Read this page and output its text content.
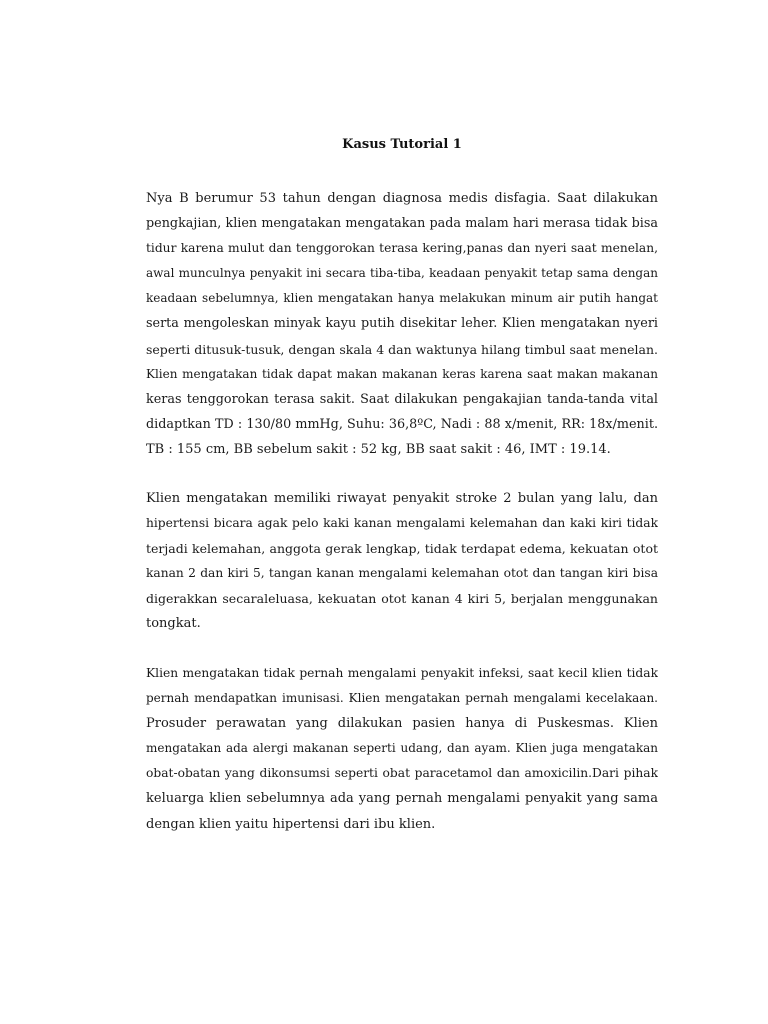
Kasus Tutorial 1
Nya B berumur 53 tahun dengan diagnosa medis disfagia. Saat dilakukan
pengkajian, klien mengatakan mengatakan pada malam hari merasa tidak bisa
tidur karena mulut dan tenggorokan terasa kering,panas dan nyeri saat menelan,
awal munculnya penyakit ini secara tiba-tiba, keadaan penyakit tetap sama dengan
keadaan sebelumnya, klien mengatakan hanya melakukan minum air putih hangat
serta mengoleskan minyak kayu putih disekitar leher. Klien mengatakan nyeri
seperti ditusuk-tusuk, dengan skala 4 dan waktunya hilang timbul saat menelan.
Klien mengatakan tidak dapat makan makanan keras karena saat makan makanan
keras tenggorokan terasa sakit. Saat dilakukan pengakajian tanda-tanda vital
didaptkan TD : 130/80 mmHg, Suhu: 36,8ºC, Nadi : 88 x/menit, RR: 18x/menit.
TB : 155 cm, BB sebelum sakit : 52 kg, BB saat sakit : 46, IMT : 19.14.
Klien mengatakan memiliki riwayat penyakit stroke 2 bulan yang lalu, dan
hipertensi bicara agak pelo kaki kanan mengalami kelemahan dan kaki kiri tidak
terjadi kelemahan, anggota gerak lengkap, tidak terdapat edema, kekuatan otot
kanan 2 dan kiri 5, tangan kanan mengalami kelemahan otot dan tangan kiri bisa
digerakkan secaraleluasa, kekuatan otot kanan 4 kiri 5, berjalan menggunakan
tongkat.
Klien mengatakan tidak pernah mengalami penyakit infeksi, saat kecil klien tidak
pernah mendapatkan imunisasi. Klien mengatakan pernah mengalami kecelakaan.
Prosuder perawatan yang dilakukan pasien hanya di Puskesmas. Klien
mengatakan ada alergi makanan seperti udang, dan ayam. Klien juga mengatakan
obat-obatan yang dikonsumsi seperti obat paracetamol dan amoxicilin.Dari pihak
keluarga klien sebelumnya ada yang pernah mengalami penyakit yang sama
dengan klien yaitu hipertensi dari ibu klien.
